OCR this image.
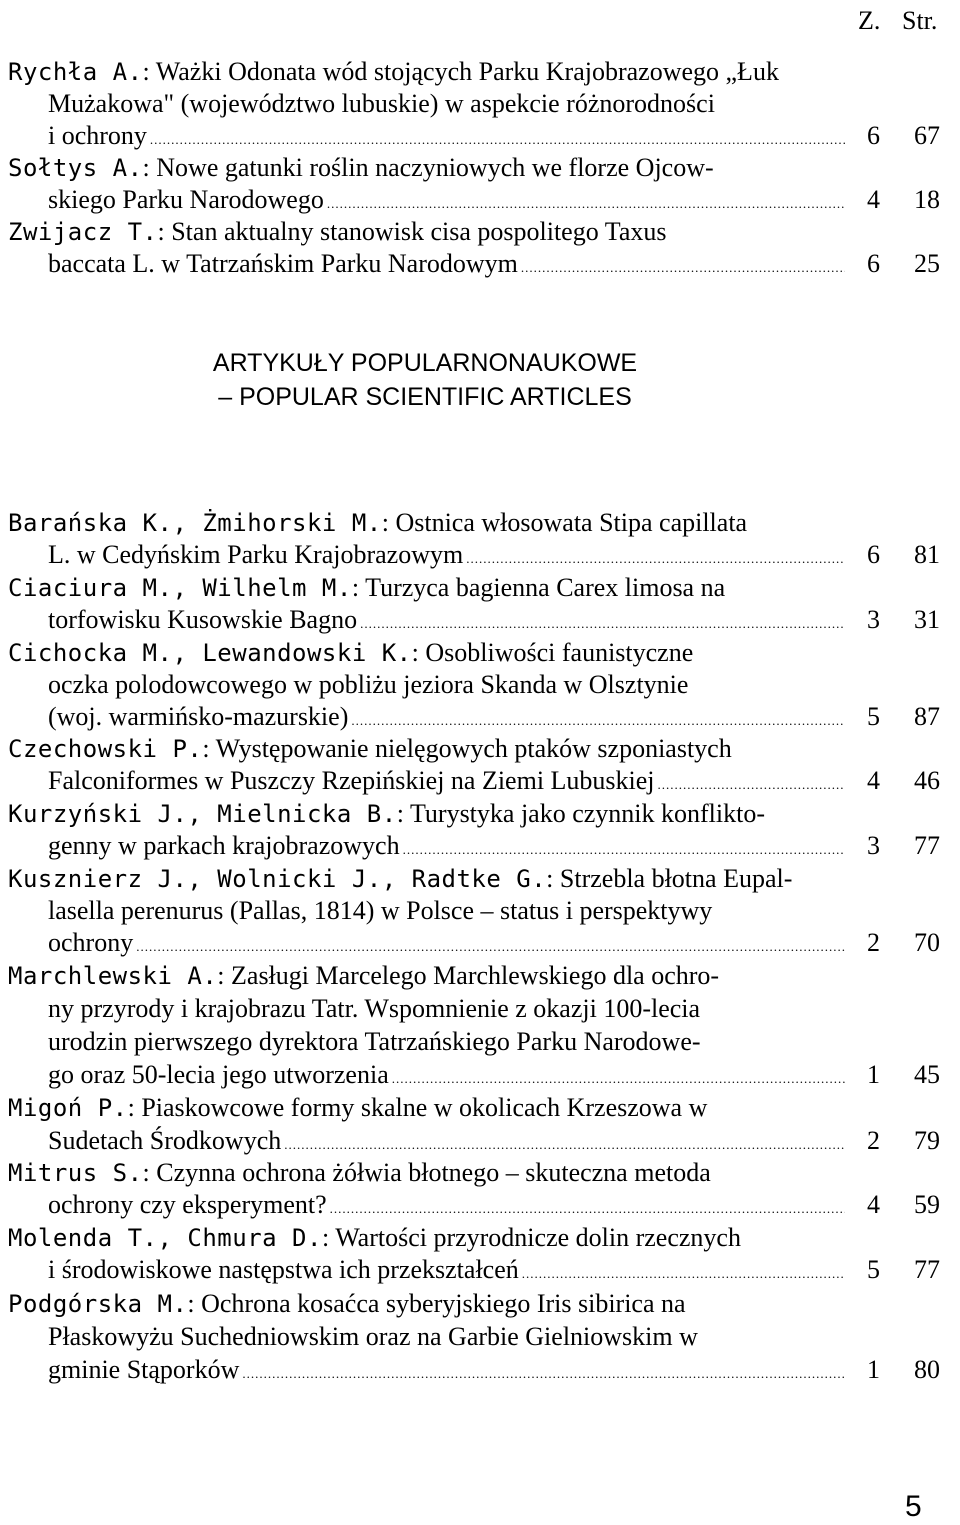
Z. Str.
Rychła A.: Ważki Odonata wód stojących Parku Krajobrazowego „Łuk
Mużakowa" (województwo lubuskie) w aspekcie różnorodności
i ochrony .....	6	67
Sołtys A.: Nowe gatunki roślin naczyniowych we florze Ojcow-
skiego Parku Narodowego .....	4	18
Zwijacz T.: Stan aktualny stanowisk cisa pospolitego Taxus
baccata L. w Tatrzańskim Parku Narodowym .....	6	25
ARTYKUŁY POPULARNONAUKOWE
– POPULAR SCIENTIFIC ARTICLES
Barańska K., Żmihorski M.: Ostnica włosowata Stipa capillata
L. w Cedyńskim Parku Krajobrazowym .....	6	81
Ciaciura M., Wilhelm M.: Turzyca bagienna Carex limosa na
torfowisku Kusowskie Bagno .....	3	31
Cichocka M., Lewandowski K.: Osobliwości faunistyczne
oczka polodowcowego w pobliżu jeziora Skanda w Olsztynie
(woj. warmińsko-mazurskie) .....	5	87
Czechowski P.: Występowanie nielęgowych ptaków szponiastych
Falconiformes w Puszczy Rzepińskiej na Ziemi Lubuskiej .....	4	46
Kurzyński J., Mielnicka B.: Turystyka jako czynnik konflikto-
genny w parkach krajobrazowych .....	3	77
Kusznierz J., Wolnicki J., Radtke G.: Strzebla błotna Eupal-
lasella perenurus (Pallas, 1814) w Polsce – status i perspektywy
ochrony .....	2	70
Marchlewski A.: Zasługi Marcelego Marchlewskiego dla ochro-
ny przyrody i krajobrazu Tatr. Wspomnienie z okazji 100-lecia
urodzin pierwszego dyrektora Tatrzańskiego Parku Narodowe-
go oraz 50-lecia jego utworzenia .....	1	45
Migoń P.: Piaskowcowe formy skalne w okolicach Krzeszowa w
Sudetach Środkowych .....	2	79
Mitrus S.: Czynna ochrona żółwia błotnego – skuteczna metoda
ochrony czy eksperyment? .....	4	59
Molenda T., Chmura D.: Wartości przyrodnicze dolin rzecznych
i środowiskowe następstwa ich przekształceń .....	5	77
Podgórska M.: Ochrona kosaćca syberyjskiego Iris sibirica na
Płaskowyżu Suchedniowskim oraz na Garbie Gielniowskim w
gminie Stąporków .....	1	80
5
